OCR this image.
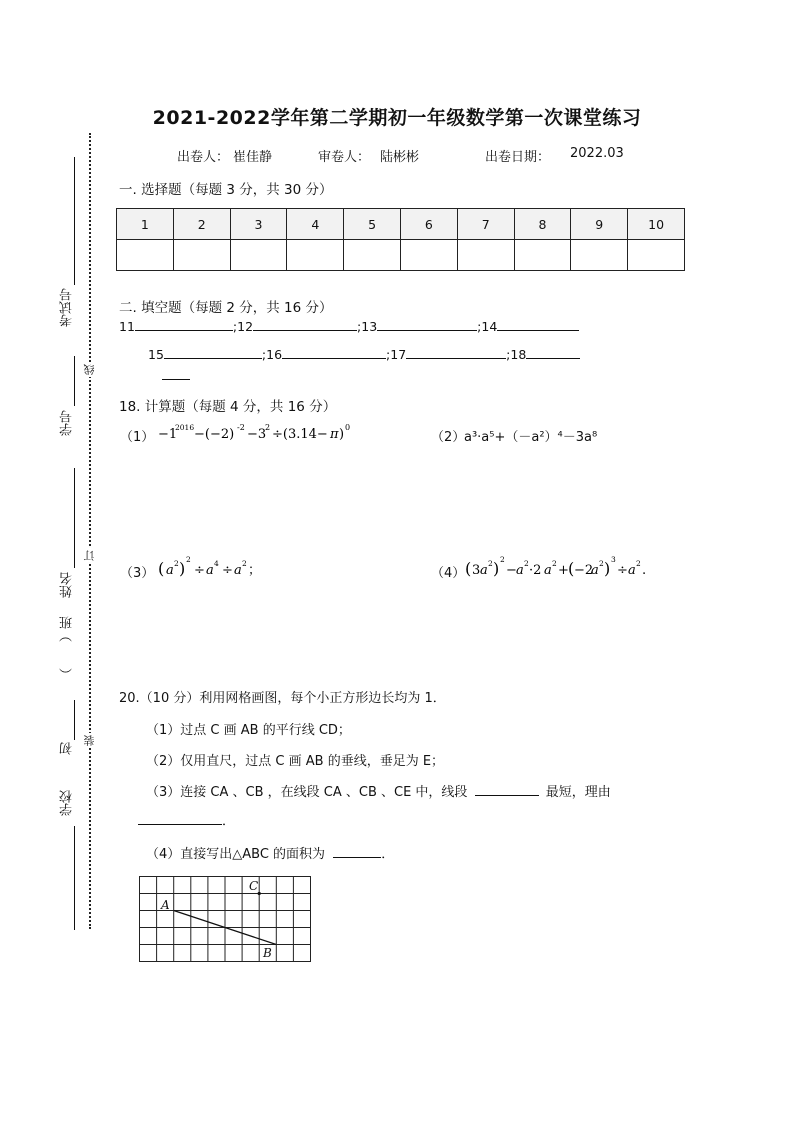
线
订
装
考试号
学号
姓名
（　　）班
初
学校
2021-2022学年第二学期初一年级数学第一次课堂练习
出卷人： 崔佳静	审卷人： 陆彬彬	出卷日期： 2022.03
一. 选择题（每题 3 分，共 30 分）
1	2	3	4	5	6	7	8	9	10

二. 填空题（每题 2 分，共 16 分）
11	;12	;13	;14
15	;16	;17	;18
18. 计算题（每题 4 分，共 16 分）
（1） −1
2016 −(−2) -2 −3
2 ÷(3.14− π ) 0
（2）
a³·a⁵+（－a²）⁴－3a⁸
（3） ( a 2 ) 2
÷ a 4 ÷ a 2 ；	（4） ( 3 a 2 ) 2
− a 2 ·2 a 2 + ( −2
a 2 ) 3
÷ a 2 .
20.（10 分）利用网格画图，每个小正方形边长均为 1．
（1）过点 C 画 AB 的平行线 CD；
（2）仅用直尺，过点 C 画 AB 的垂线，垂足为 E；
（3）连接 CA 、CB ，在线段 CA 、CB 、CE 中，线段	最短，理由
．
（4）直接写出△ABC 的面积为	．
A
B
C
